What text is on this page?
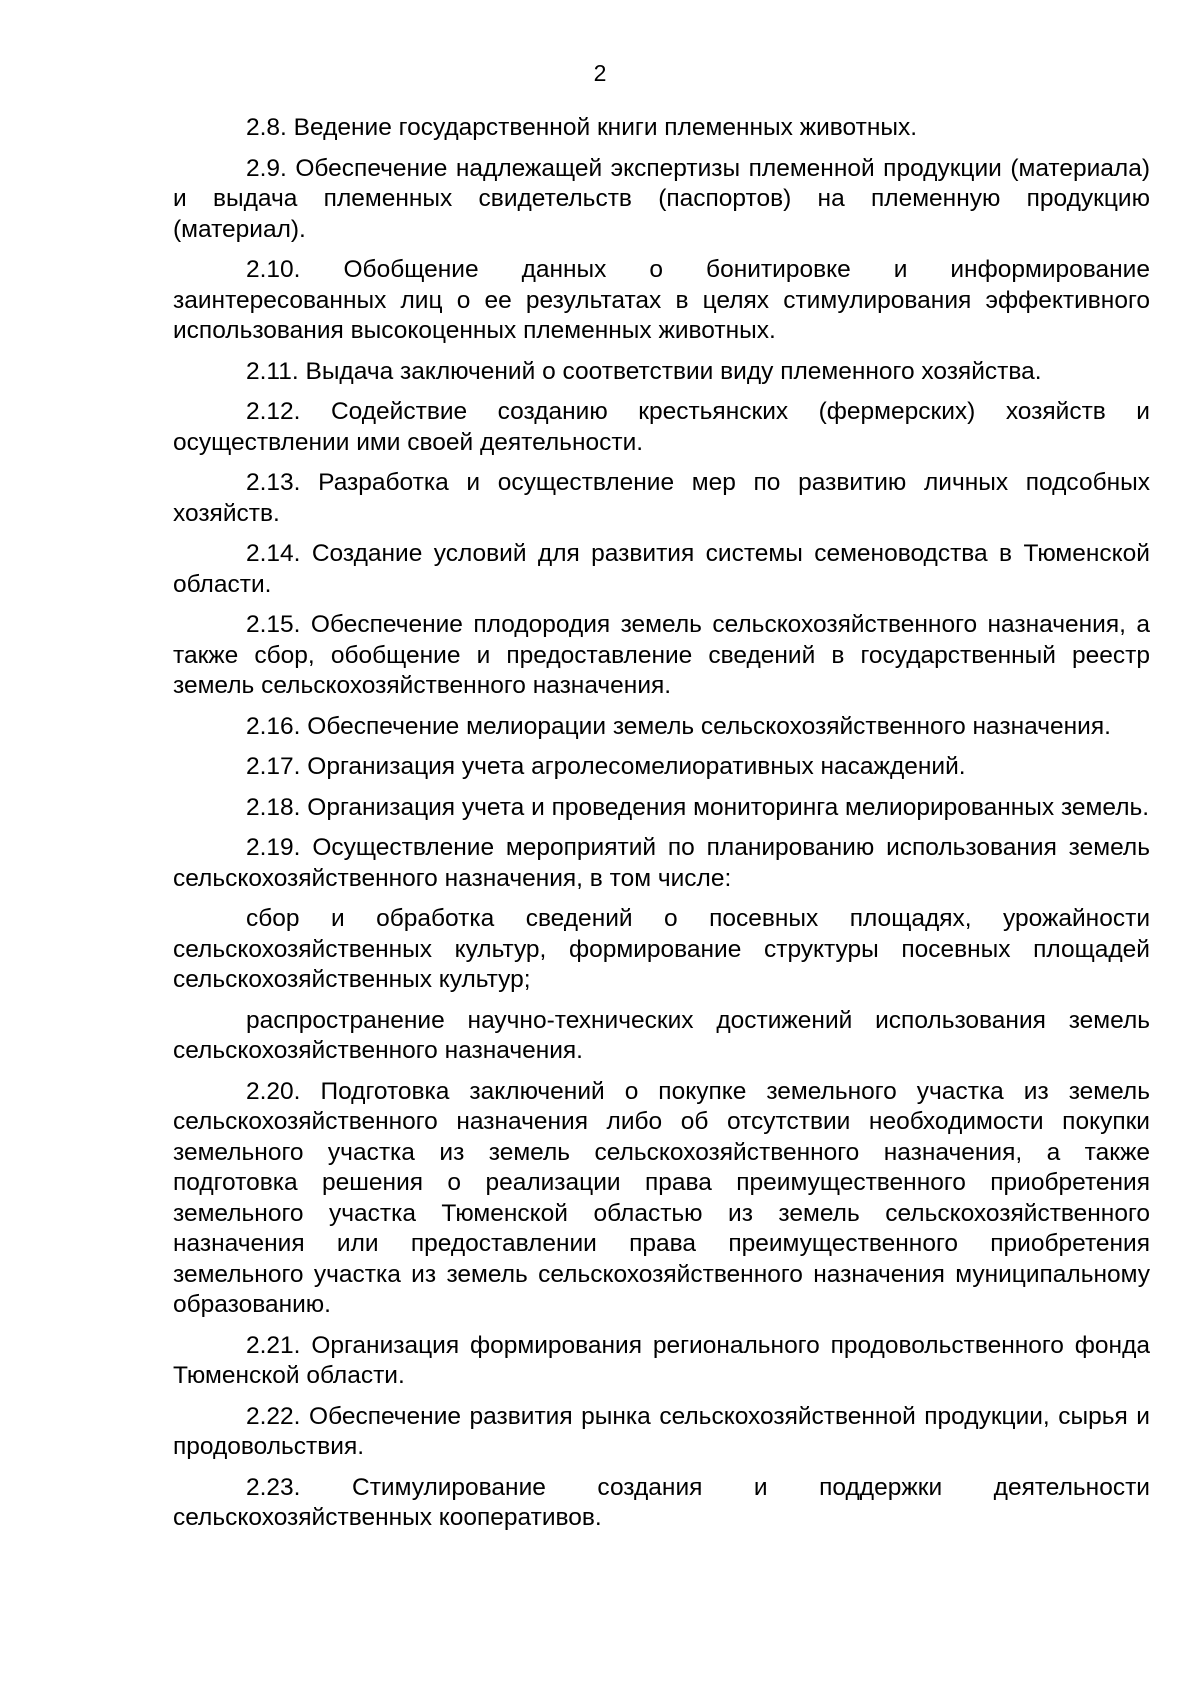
2

2.8. Ведение государственной книги племенных животных.

2.9. Обеспечение надлежащей экспертизы племенной продукции (материала) и выдача племенных свидетельств (паспортов) на племенную продукцию (материал).

2.10. Обобщение данных о бонитировке и информирование заинтересованных лиц о ее результатах в целях стимулирования эффективного использования высокоценных племенных животных.

2.11. Выдача заключений о соответствии виду племенного хозяйства.

2.12. Содействие созданию крестьянских (фермерских) хозяйств и осуществлении ими своей деятельности.

2.13. Разработка и осуществление мер по развитию личных подсобных хозяйств.

2.14. Создание условий для развития системы семеноводства в Тюменской области.

2.15. Обеспечение плодородия земель сельскохозяйственного назначения, а также сбор, обобщение и предоставление сведений в государственный реестр земель сельскохозяйственного назначения.

2.16. Обеспечение мелиорации земель сельскохозяйственного назначения.

2.17. Организация учета агролесомелиоративных насаждений.

2.18. Организация учета и проведения мониторинга мелиорированных земель.

2.19. Осуществление мероприятий по планированию использования земель сельскохозяйственного назначения, в том числе:

сбор и обработка сведений о посевных площадях, урожайности сельскохозяйственных культур, формирование структуры посевных площадей сельскохозяйственных культур;

распространение научно-технических достижений использования земель сельскохозяйственного назначения.

2.20. Подготовка заключений о покупке земельного участка из земель сельскохозяйственного назначения либо об отсутствии необходимости покупки земельного участка из земель сельскохозяйственного назначения, а также подготовка решения о реализации права преимущественного приобретения земельного участка Тюменской областью из земель сельскохозяйственного назначения или предоставлении права преимущественного приобретения земельного участка из земель сельскохозяйственного назначения муниципальному образованию.

2.21. Организация формирования регионального продовольственного фонда Тюменской области.

2.22. Обеспечение развития рынка сельскохозяйственной продукции, сырья и продовольствия.

2.23. Стимулирование создания и поддержки деятельности сельскохозяйственных кооперативов.
